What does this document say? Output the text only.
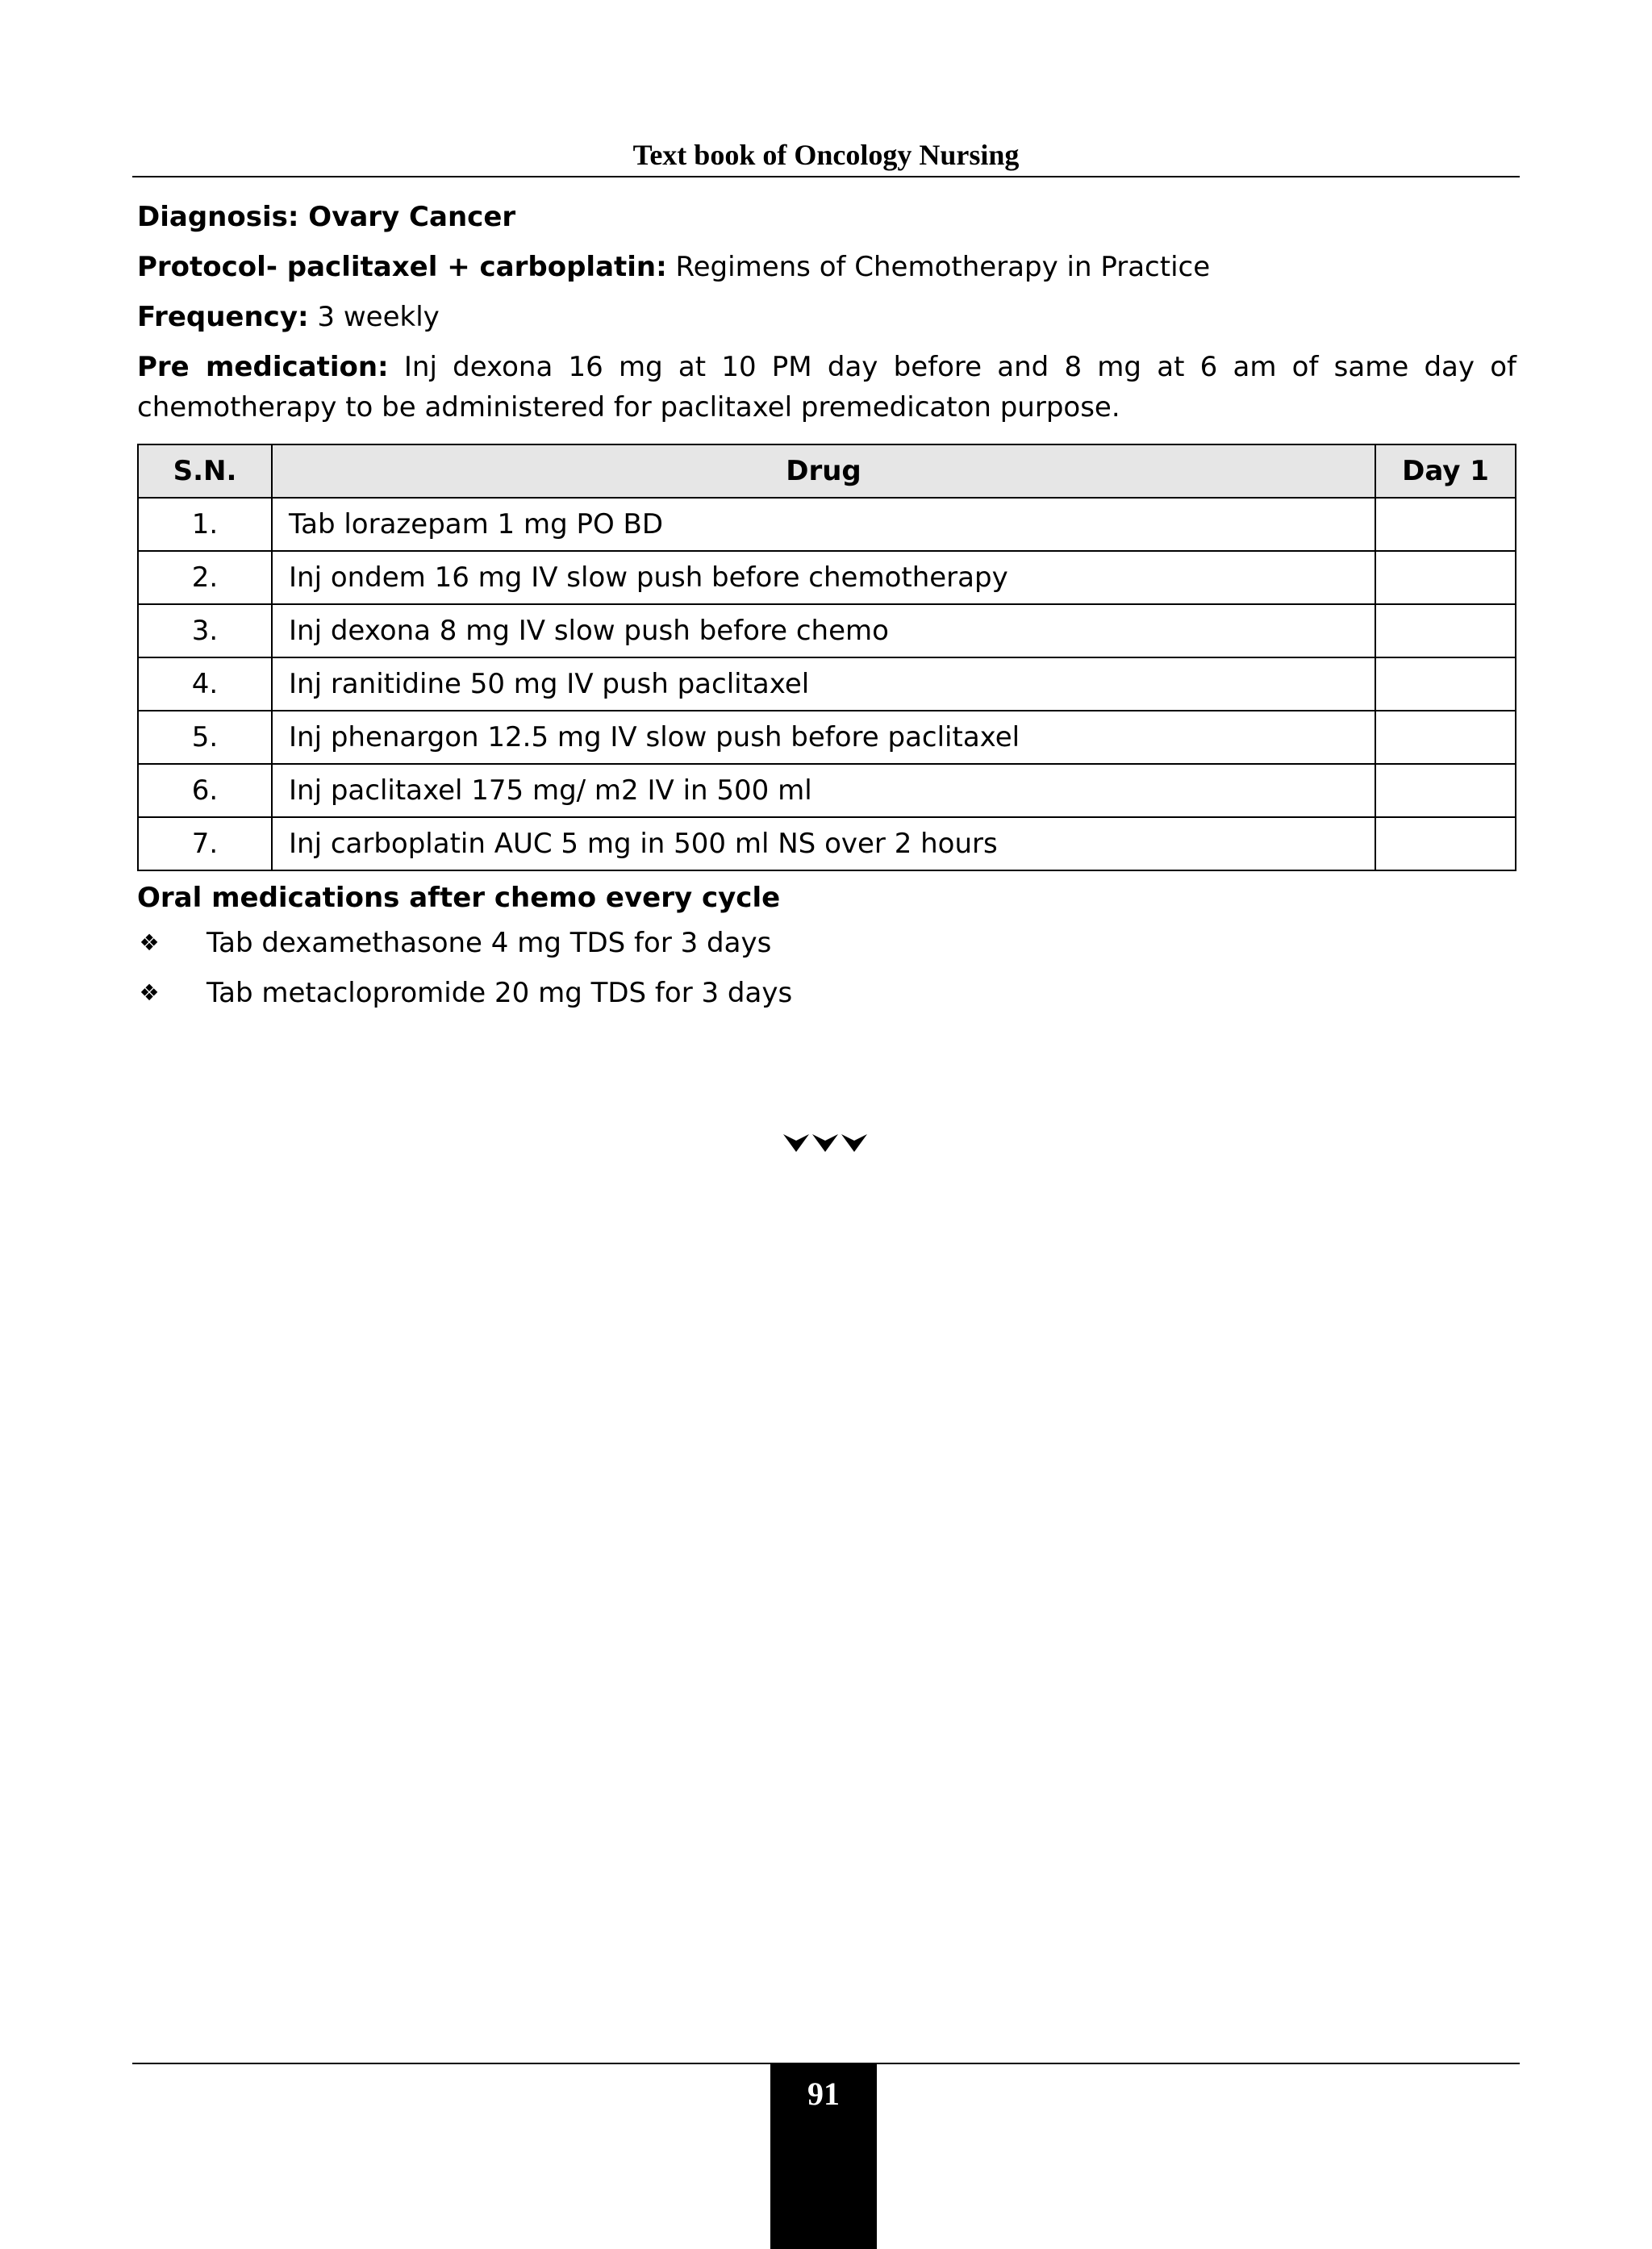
Text book of Oncology Nursing

Diagnosis: Ovary Cancer

Protocol- paclitaxel + carboplatin: Regimens of Chemotherapy in Practice

Frequency: 3 weekly

Pre medication: Inj dexona 16 mg at 10 PM day before and 8 mg at 6 am of same day of chemotherapy to be administered for paclitaxel premedicaton purpose.

S.N.	Drug	Day 1
1.	Tab lorazepam 1 mg PO BD	
2.	Inj ondem 16 mg IV slow push before chemotherapy	
3.	Inj dexona 8 mg IV slow push before chemo	
4.	Inj ranitidine 50 mg IV push paclitaxel	
5.	Inj phenargon 12.5 mg IV slow push before paclitaxel	
6.	Inj paclitaxel 175 mg/ m2 IV in 500 ml	
7.	Inj carboplatin AUC 5 mg in 500 ml NS over 2 hours	
Oral medications after chemo every cycle
❖ Tab dexamethasone 4 mg TDS for 3 days
❖ Tab metaclopromide 20 mg TDS for 3 days
91
